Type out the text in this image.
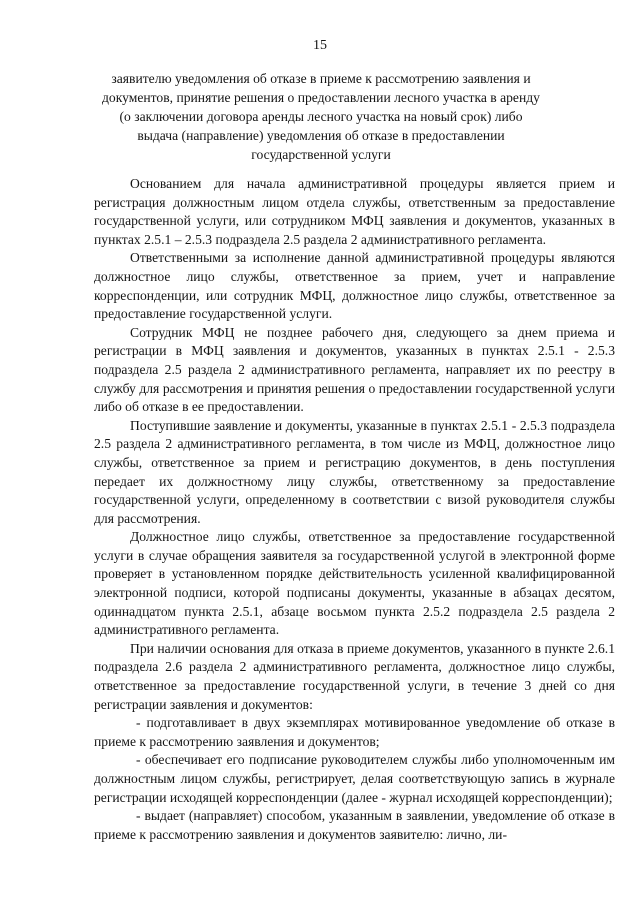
15
заявителю уведомления об отказе в приеме к рассмотрению заявления и документов, принятие решения о предоставлении лесного участка в аренду (о заключении договора аренды лесного участка на новый срок) либо выдача (направление) уведомления об отказе в предоставлении государственной услуги

Основанием для начала административной процедуры является прием и регистрация должностным лицом отдела службы, ответственным за предоставление государственной услуги, или сотрудником МФЦ заявления и документов, указанных в пунктах 2.5.1 – 2.5.3 подраздела 2.5 раздела 2 административного регламента.

Ответственными за исполнение данной административной процедуры являются должностное лицо службы, ответственное за прием, учет и направление корреспонденции, или сотрудник МФЦ, должностное лицо службы, ответственное за предоставление государственной услуги.

Сотрудник МФЦ не позднее рабочего дня, следующего за днем приема и регистрации в МФЦ заявления и документов, указанных в пунктах 2.5.1 - 2.5.3 подраздела 2.5 раздела 2 административного регламента, направляет их по реестру в службу для рассмотрения и принятия решения о предоставлении государственной услуги либо об отказе в ее предоставлении.

Поступившие заявление и документы, указанные в пунктах 2.5.1 - 2.5.3 подраздела 2.5 раздела 2 административного регламента, в том числе из МФЦ, должностное лицо службы, ответственное за прием и регистрацию документов, в день поступления передает их должностному лицу службы, ответственному за предоставление государственной услуги, определенному в соответствии с визой руководителя службы для рассмотрения.

Должностное лицо службы, ответственное за предоставление государственной услуги в случае обращения заявителя за государственной услугой в электронной форме проверяет в установленном порядке действительность усиленной квалифицированной электронной подписи, которой подписаны документы, указанные в абзацах десятом, одиннадцатом пункта 2.5.1, абзаце восьмом пункта 2.5.2 подраздела 2.5 раздела 2 административного регламента.

При наличии основания для отказа в приеме документов, указанного в пункте 2.6.1 подраздела 2.6 раздела 2 административного регламента, должностное лицо службы, ответственное за предоставление государственной услуги, в течение 3 дней со дня регистрации заявления и документов:

- подготавливает в двух экземплярах мотивированное уведомление об отказе в приеме к рассмотрению заявления и документов;

- обеспечивает его подписание руководителем службы либо уполномоченным им должностным лицом службы, регистрирует, делая соответствующую запись в журнале регистрации исходящей корреспонденции (далее - журнал исходящей корреспонденции);

- выдает (направляет) способом, указанным в заявлении, уведомление об отказе в приеме к рассмотрению заявления и документов заявителю: лично, ли-
